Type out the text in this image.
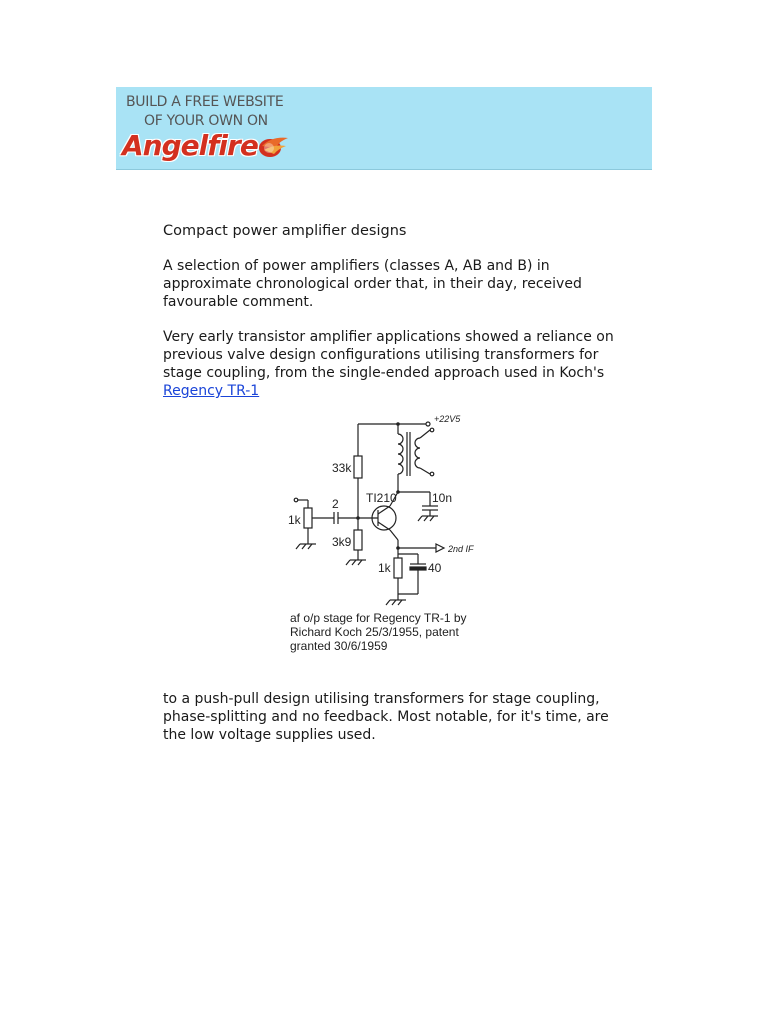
BUILD A FREE WEBSITE
OF YOUR OWN ON
Angelfire
Compact power amplifier designs

A selection of power amplifiers (classes A, AB and B) in approximate chronological order that, in their day, received favourable comment.

Very early transistor amplifier applications showed a reliance on previous valve design configurations utilising transformers for stage coupling, from the single-ended approach used in Koch's Regency TR-1

to a push-pull design utilising transformers for stage coupling, phase-splitting and no feedback. Most notable, for it's time, are the low voltage supplies used.

+22V5
33k
TI210	10n
1k
2
3k9	2nd IF
1k	40
af o/p stage for Regency TR-1 by
Richard Koch 25/3/1955, patent
granted 30/6/1959
